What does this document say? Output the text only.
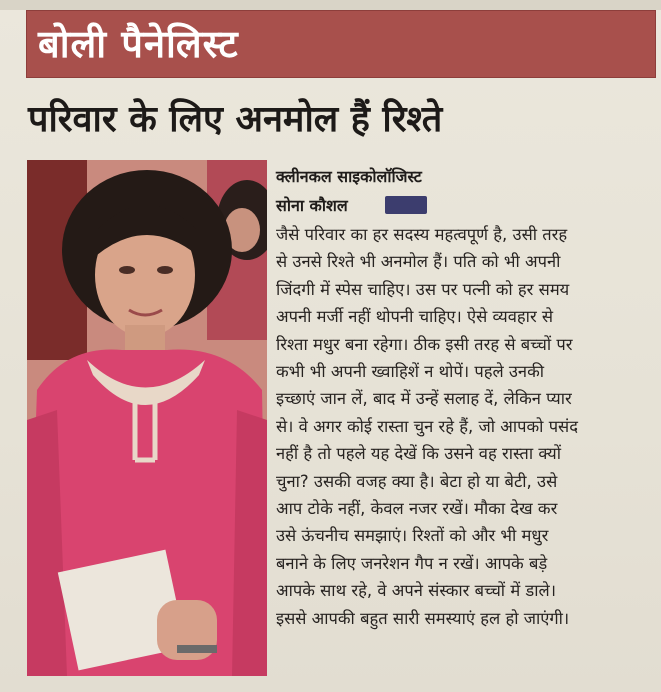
बोली पैनेलिस्ट
परिवार के लिए अनमोल हैं रिश्ते
क्लीनकल साइकोलॉजिस्ट
सोना कौशल
जैसे परिवार का हर सदस्य महत्वपूर्ण है, उसी तरह
से उनसे रिश्ते भी अनमोल हैं। पति को भी अपनी
जिंदगी में स्पेस चाहिए। उस पर पत्नी को हर समय
अपनी मर्जी नहीं थोपनी चाहिए। ऐसे व्यवहार से
रिश्ता मधुर बना रहेगा। ठीक इसी तरह से बच्चों पर
कभी भी अपनी ख्वाहिशें न थोपें। पहले उनकी
इच्छाएं जान लें, बाद में उन्हें सलाह दें, लेकिन प्यार
से। वे अगर कोई रास्ता चुन रहे हैं, जो आपको पसंद
नहीं है तो पहले यह देखें कि उसने वह रास्ता क्यों
चुना? उसकी वजह क्या है। बेटा हो या बेटी, उसे
आप टोके नहीं, केवल नजर रखें। मौका देख कर
उसे ऊंचनीच समझाएं। रिश्तों को और भी मधुर
बनाने के लिए जनरेशन गैप न रखें। आपके बड़े
आपके साथ रहे, वे अपने संस्कार बच्चों में डाले।
इससे आपकी बहुत सारी समस्याएं हल हो जाएंगी।
